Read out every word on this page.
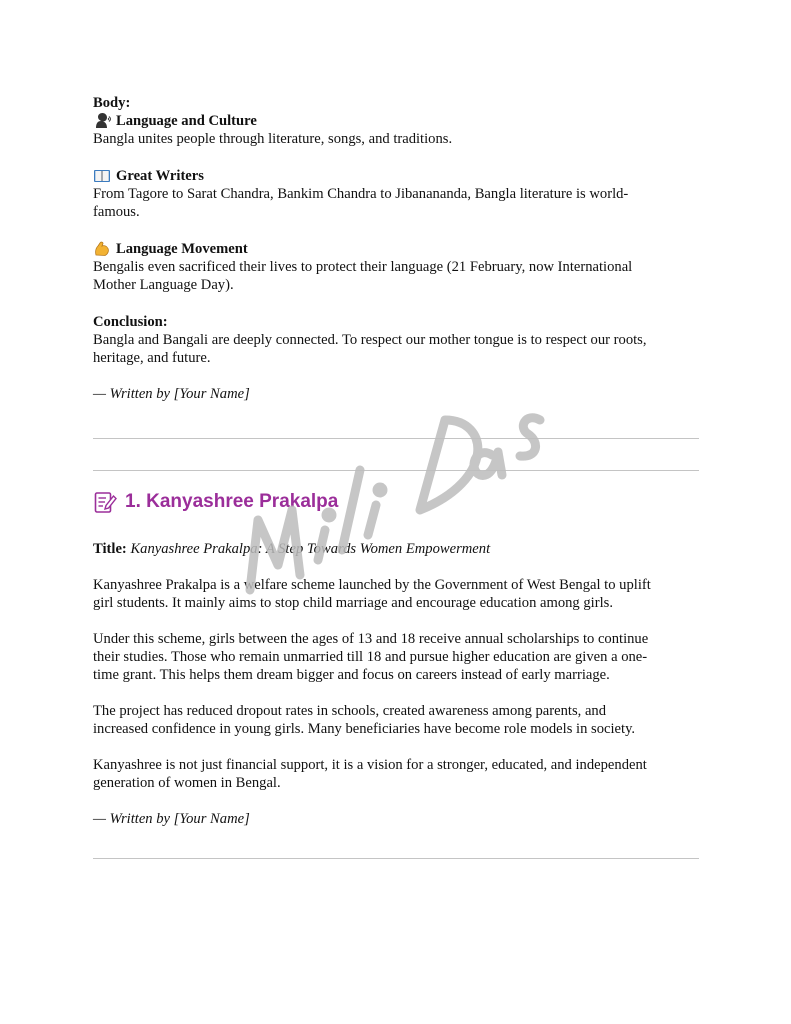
Body:

Language and Culture

Bangla unites people through literature, songs, and traditions.

Great Writers

From Tagore to Sarat Chandra, Bankim Chandra to Jibanananda, Bangla literature is world-

famous.

Language Movement

Bengalis even sacrificed their lives to protect their language (21 February, now International

Mother Language Day).

Conclusion:

Bangla and Bangali are deeply connected. To respect our mother tongue is to respect our roots,

heritage, and future.

— Written by [Your Name]

1. Kanyashree Prakalpa

Title: Kanyashree Prakalpa: A Step Towards Women Empowerment

Kanyashree Prakalpa is a welfare scheme launched by the Government of West Bengal to uplift

girl students. It mainly aims to stop child marriage and encourage education among girls.

Under this scheme, girls between the ages of 13 and 18 receive annual scholarships to continue

their studies. Those who remain unmarried till 18 and pursue higher education are given a one-

time grant. This helps them dream bigger and focus on careers instead of early marriage.

The project has reduced dropout rates in schools, created awareness among parents, and

increased confidence in young girls. Many beneficiaries have become role models in society.

Kanyashree is not just financial support, it is a vision for a stronger, educated, and independent

generation of women in Bengal.

— Written by [Your Name]
